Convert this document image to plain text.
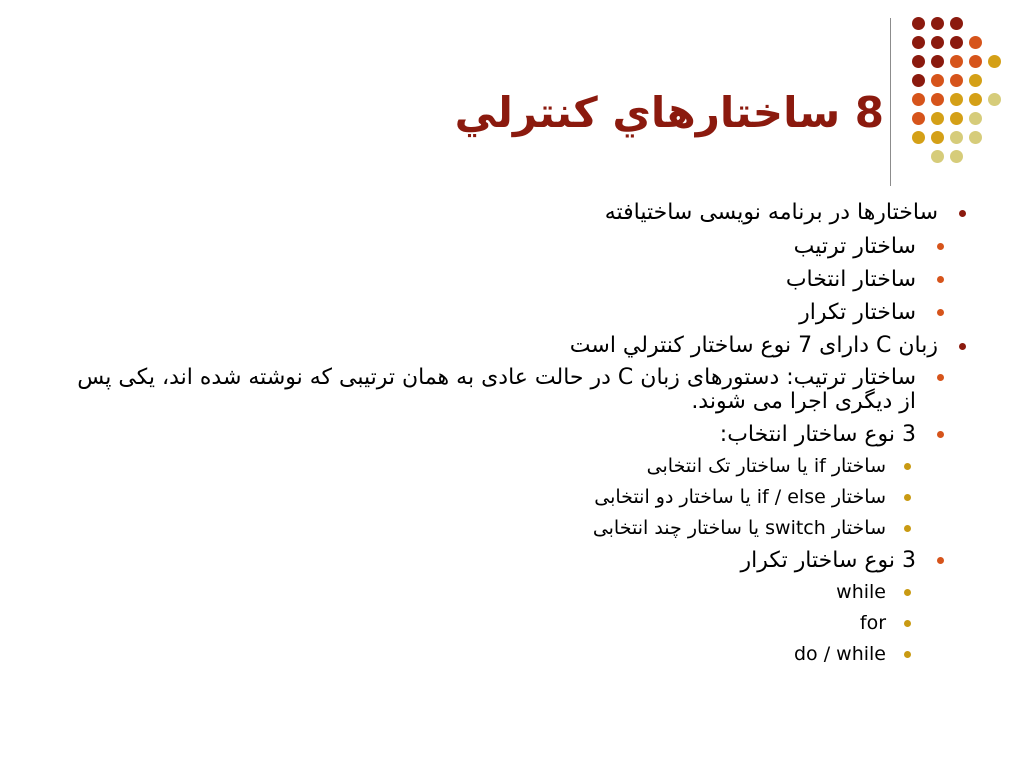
8 ساختارهاي كنترلي
ساختارها در برنامه نویسی ساختیافته
ساختار ترتیب
ساختار انتخاب
ساختار تکرار
زبان C دارای 7 نوع ساختار كنترلي است
ساختار ترتیب: دستورهای زبان C در حالت عادی به همان ترتیبی که نوشته شده اند، یکی پس از دیگری اجرا می شوند.
3 نوع ساختار انتخاب:
ساختار if یا ساختار تک انتخابی
ساختار if / else یا ساختار دو انتخابی
ساختار switch یا ساختار چند انتخابی
3 نوع ساختار تکرار
while
for
do / while
